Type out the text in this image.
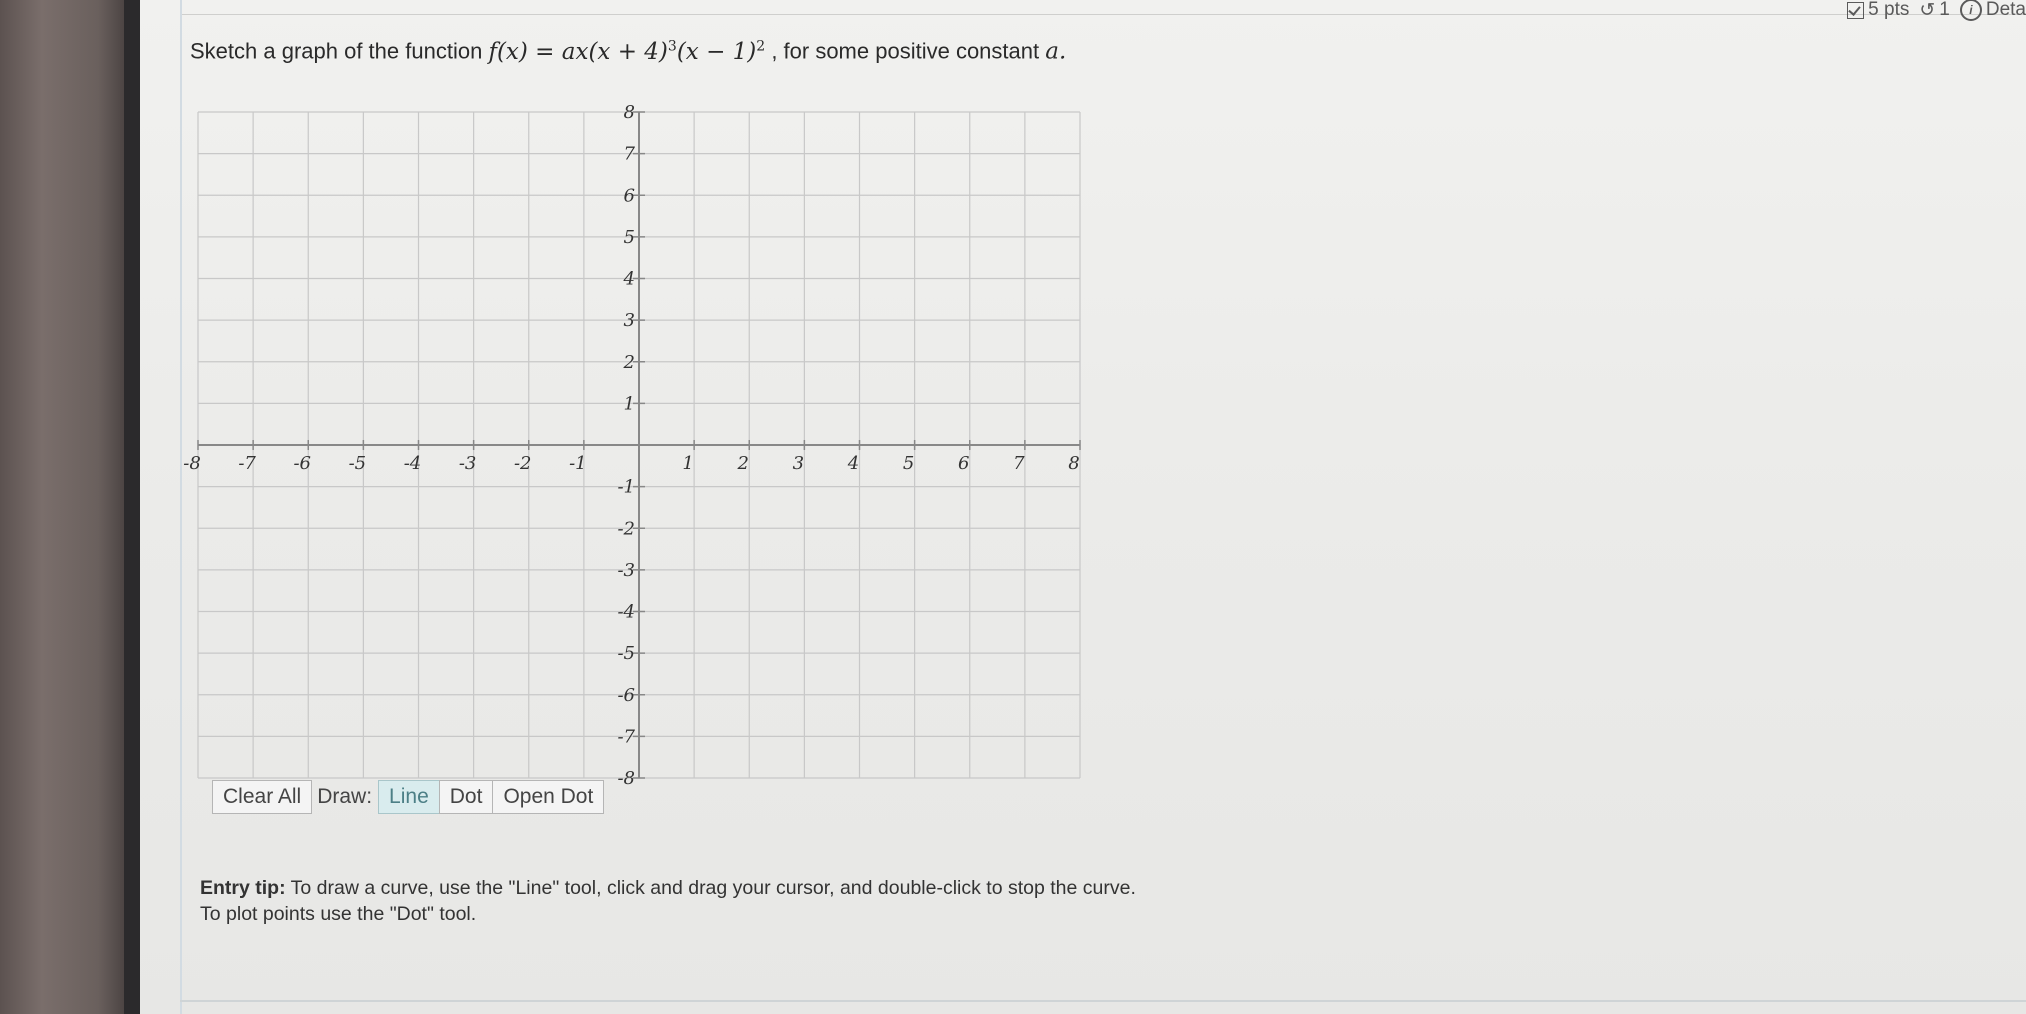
5 pts ↺ 1	i Deta
Sketch a graph of the function $f(x) = ax(x + 4)^3(x - 1)^2$ , for some positive constant a.
-8 -7 -6 -5 -4 -3 -2 -1	1 2 3 4 5 6 7 8
8
7
6
5
4
3
2
1
-1
-2
-3
-4
-5
-6
-7
-8
Clear All Draw: Line	Dot	Open Dot
Entry tip: To draw a curve, use the "Line" tool, click and drag your cursor, and double-click to stop the curve. To plot points use the "Dot" tool.
